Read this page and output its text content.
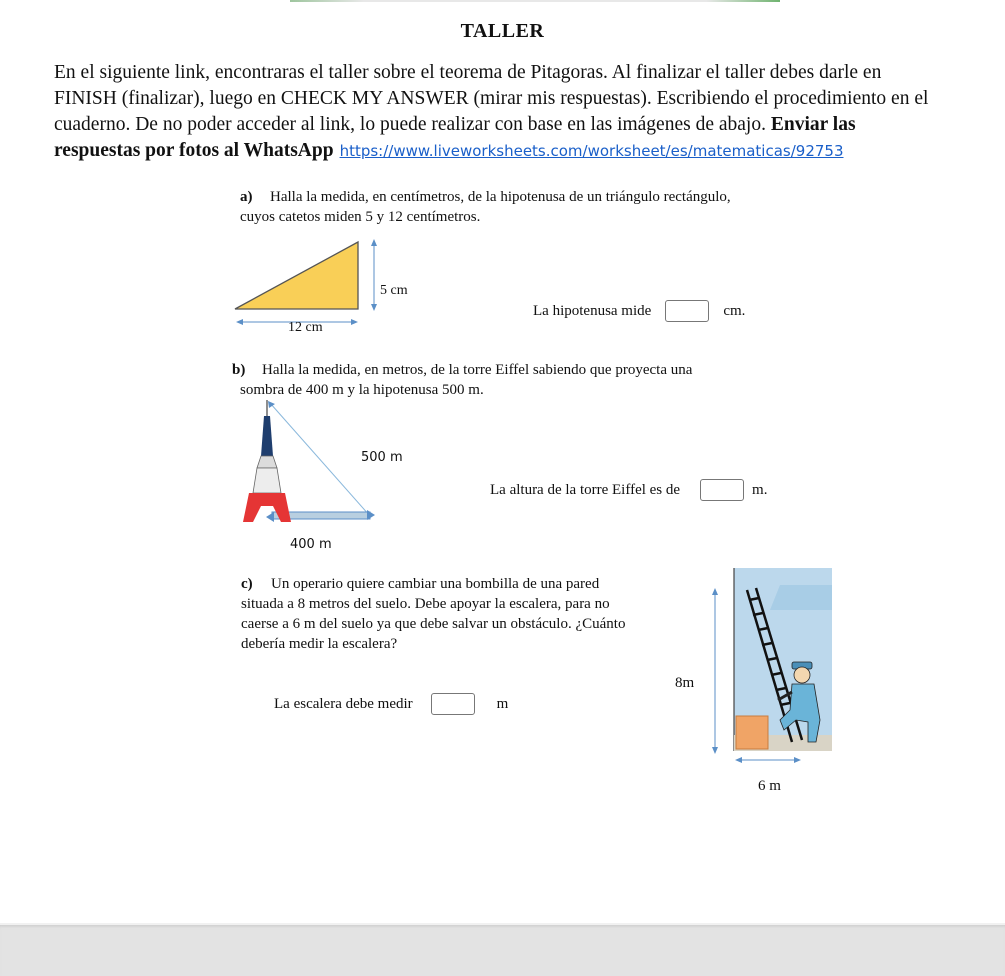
TALLER
En el siguiente link, encontraras el taller sobre el teorema de Pitagoras. Al finalizar el taller debes darle en
FINISH (finalizar), luego en CHECK MY ANSWER (mirar mis respuestas). Escribiendo el procedimiento en el
cuaderno. De no poder acceder al link, lo puede realizar con base en las imágenes de abajo. Enviar las
respuestas por fotos al WhatsApp https://www.liveworksheets.com/worksheet/es/matematicas/92753
a) Halla la medida, en centímetros, de la hipotenusa de un triángulo rectángulo,
cuyos catetos miden 5 y 12 centímetros.
5 cm
12 cm
La hipotenusa mide	cm.
b) Halla la medida, en metros, de la torre Eiffel sabiendo que proyecta una
sombra de 400 m y la hipotenusa 500 m.
500 m
400 m
La altura de la torre Eiffel es de	m.
c) Un operario quiere cambiar una bombilla de una pared
situada a 8 metros del suelo. Debe apoyar la escalera, para no
caerse a 6 m del suelo ya que debe salvar un obstáculo. ¿Cuánto
debería medir la escalera?
La escalera debe medir	m
8m
6 m
